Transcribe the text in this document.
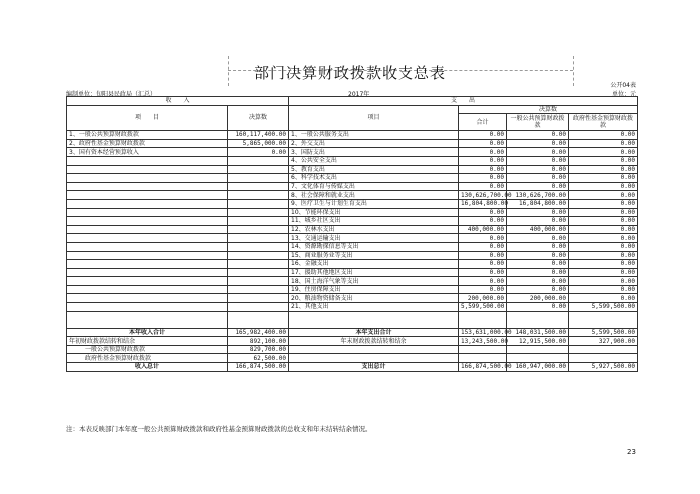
部门决算财政拨款收支总表
公开04表
单位：元
编制单位：旬阳县民政局（汇总）	2017年
收　　入		支　　出			
项　　目	决算数	项目	决算数		
			合计	一般公共预算财政拨款	政府性基金预算财政拨款
1、一般公共预算财政拨款	160,117,400.00	1、一般公共服务支出	0.00	0.00	0.00
2、政府性基金预算财政拨款	5,865,000.00	2、外交支出	0.00	0.00	0.00
3、国有资本经营预算收入	0.00	3、国防支出	0.00	0.00	0.00
		4、公共安全支出	0.00	0.00	0.00
		5、教育支出	0.00	0.00	0.00
		6、科学技术支出	0.00	0.00	0.00
		7、文化体育与传媒支出	0.00	0.00	0.00
		8、社会保障和就业支出	130,626,700.00	130,626,700.00	0.00
		9、医疗卫生与计划生育支出	16,804,800.00	16,804,800.00	0.00
		10、节能环保支出	0.00	0.00	0.00
		11、城乡社区支出	0.00	0.00	0.00
		12、农林水支出	400,000.00	400,000.00	0.00
		13、交通运输支出	0.00	0.00	0.00
		14、资源勘探信息等支出	0.00	0.00	0.00
		15、商业服务业等支出	0.00	0.00	0.00
		16、金融支出	0.00	0.00	0.00
		17、援助其他地区支出	0.00	0.00	0.00
		18、国土海洋气象等支出	0.00	0.00	0.00
		19、住房保障支出	0.00	0.00	0.00
		20、粮油物资储备支出	200,000.00	200,000.00	0.00
		21、其他支出	5,599,500.00	0.00	5,599,500.00

本年收入合计	165,982,400.00	本年支出合计	153,631,000.00	148,031,500.00	5,599,500.00
年初财政拨款结转和结余	892,100.00	年末财政拨款结转和结余	13,243,500.00	12,915,500.00	327,900.00
一般公共预算财政拨款	829,700.00				
政府性基金预算财政拨款	62,500.00				
收入总计	166,874,500.00	支出总计	166,874,500.00	160,947,000.00	5,927,500.00
注：本表反映部门本年度一般公共预算财政拨款和政府性基金预算财政拨款的总收支和年末结转结余情况。
23
